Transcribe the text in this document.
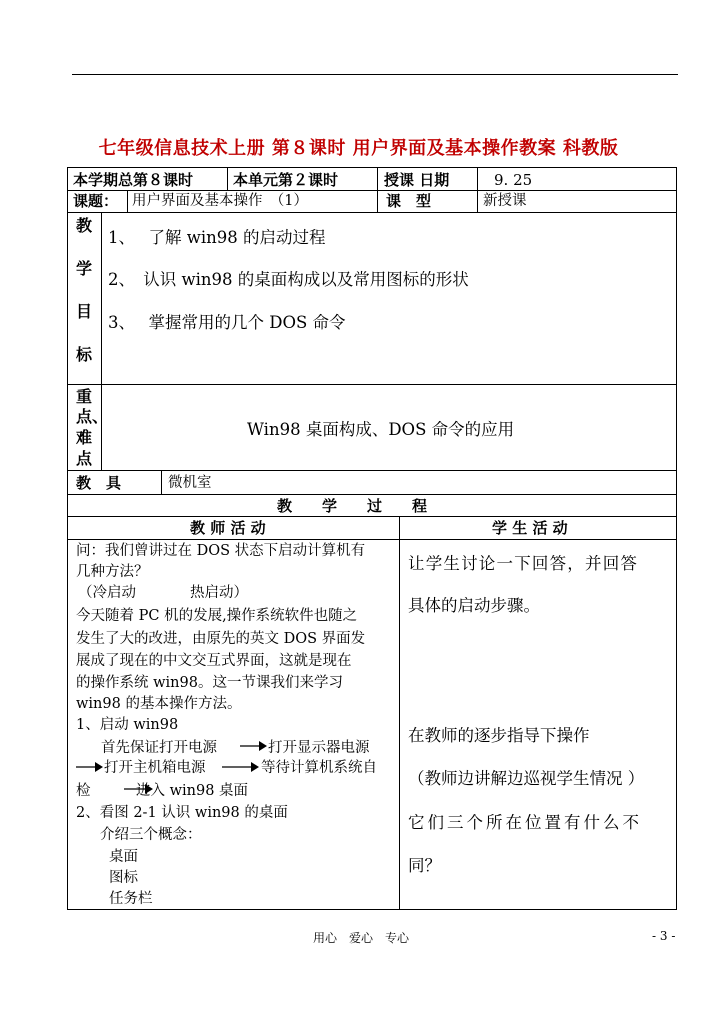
七年级信息技术上册 第８课时 用户界面及基本操作教案 科教版
本学期总第８课时	本单元第２课时	授课 日期	9. 25
课题： 用户界面及基本操作　（1）	课　型	新授课
教
学
目
标
1、　 了解 win98 的启动过程
2、　认识 win98 的桌面构成以及常用图标的形状
3、　 掌握常用的几个 DOS 命令
重
点、
难
点
Win98 桌面构成、DOS 命令的应用
教　具	微机室
教　　学　　过　　程
教 师 活 动	学 生 活 动
问：我们曾讲过在 DOS 状态下启动计算机有
几种方法？
（冷启动	热启动）
今天随着 PC 机的发展,操作系统软件也随之
发生了大的改进，由原先的英文 DOS 界面发
展成了现在的中文交互式界面，这就是现在
的操作系统 win98。这一节课我们来学习
win98 的基本操作方法。
1、启动 win98
首先保证打开电源	打开显示器电源
打开主机箱电源	等待计算机系统自
检	进入 win98 桌面
2、看图 2-1 认识 win98 的桌面
介绍三个概念：
桌面
图标
任务栏
让学生讨论一下回答，并回答
具体的启动步骤。
在教师的逐步指导下操作
（教师边讲解边巡视学生情况 ）
它们三个所在位置有什么不
同？
用心　爱心　专心	- 3 -
